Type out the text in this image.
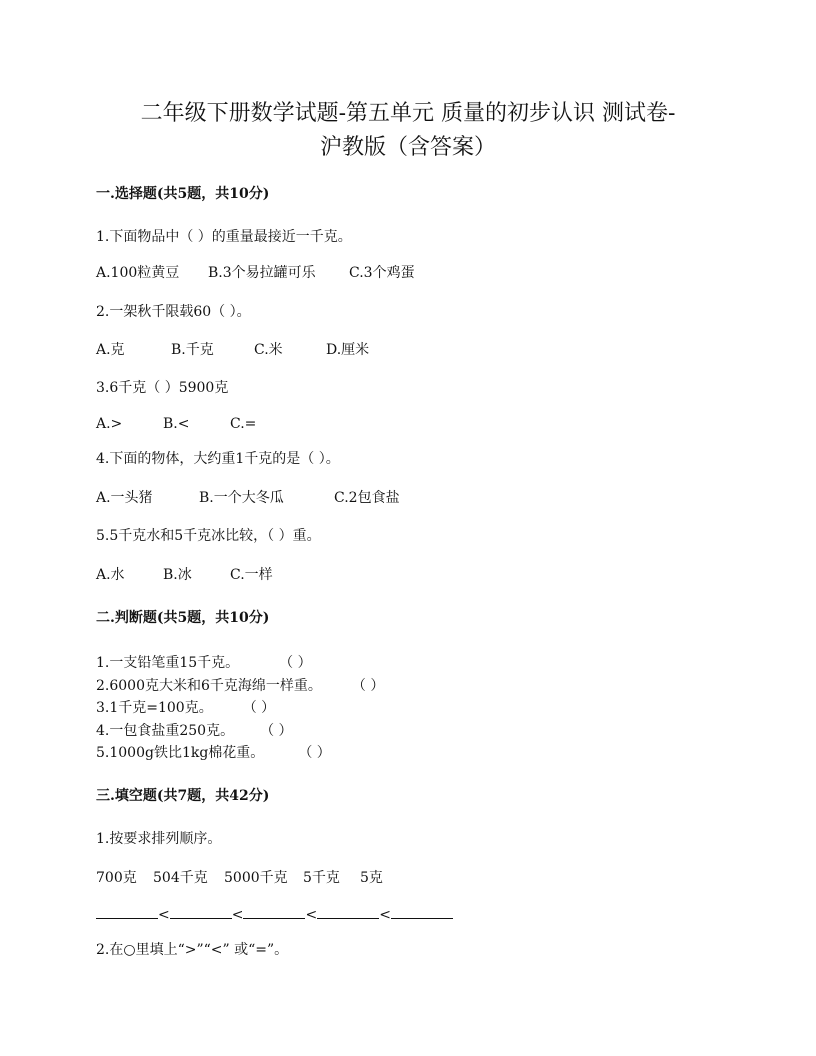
二年级下册数学试题-第五单元 质量的初步认识 测试卷-
沪教版（含答案）
一.选择题(共5题，共10分)
1.下面物品中（ ）的重量最接近一千克。
A.100粒黄豆 B.3个易拉罐可乐 C.3个鸡蛋
2.一架秋千限载60（ ）。
A.克	B.千克	C.米	D.厘米
3.6千克（ ）5900克
A.>	B.<	C.=
4.下面的物体，大约重1千克的是（ ）。
A.一头猪	B.一个大冬瓜	C.2包食盐
5.5千克水和5千克冰比较，（ ）重。
A.水	B.冰	C.一样
二.判断题(共5题，共10分)
1.一支铅笔重15千克。	（ ）
2.6000克大米和6千克海绵一样重。 （ ）
3.1千克=100克。 （ ）
4.一包食盐重250克。 （ ）
5.1000g铁比1kg棉花重。 （ ）
三.填空题(共7题，共42分)
1.按要求排列顺序。
700克 504千克 5000千克 5千克 5克
<	<	<	<
2.在○里填上“>”“<” 或“=”。
